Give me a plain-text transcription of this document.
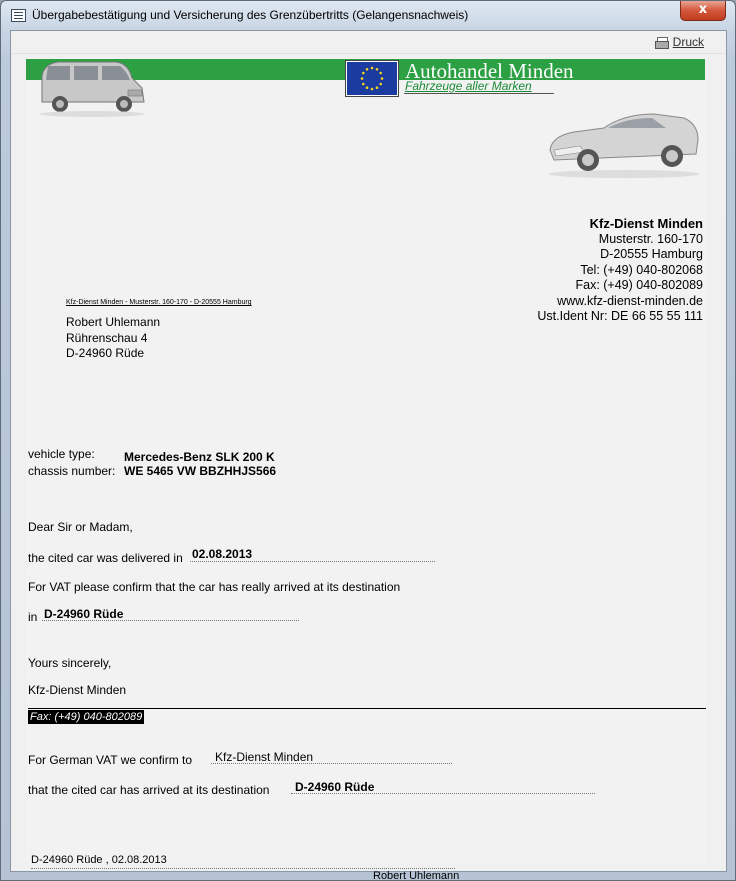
Übergabebestätigung und Versicherung des Grenzübertritts (Gelangensnachweis)	x
Druck
Autohandel Minden
Fahrzeuge aller Marken
Kfz-Dienst Minden
Musterstr. 160-170
D-20555 Hamburg
Tel: (+49) 040-802068
Fax: (+49) 040-802089
www.kfz-dienst-minden.de
Ust.Ident Nr: DE 66 55 55 111
Kfz-Dienst Minden - Musterstr. 160-170 - D-20555 Hamburg
Robert Uhlemann
Rührenschau 4
D-24960 Rüde
vehicle type: Mercedes-Benz SLK 200 K
chassis number: WE 5465 VW BBZHHJS566
Dear Sir or Madam,
the cited car was delivered in 02.08.2013
For VAT please confirm that the car has really arrived at its destination
in D-24960 Rüde
Yours sincerely,
Kfz-Dienst Minden
Fax: (+49) 040-802089
For German VAT we confirm to Kfz-Dienst Minden
that the cited car has arrived at its destination D-24960 Rüde
D-24960 Rüde , 02.08.2013
Robert Uhlemann
